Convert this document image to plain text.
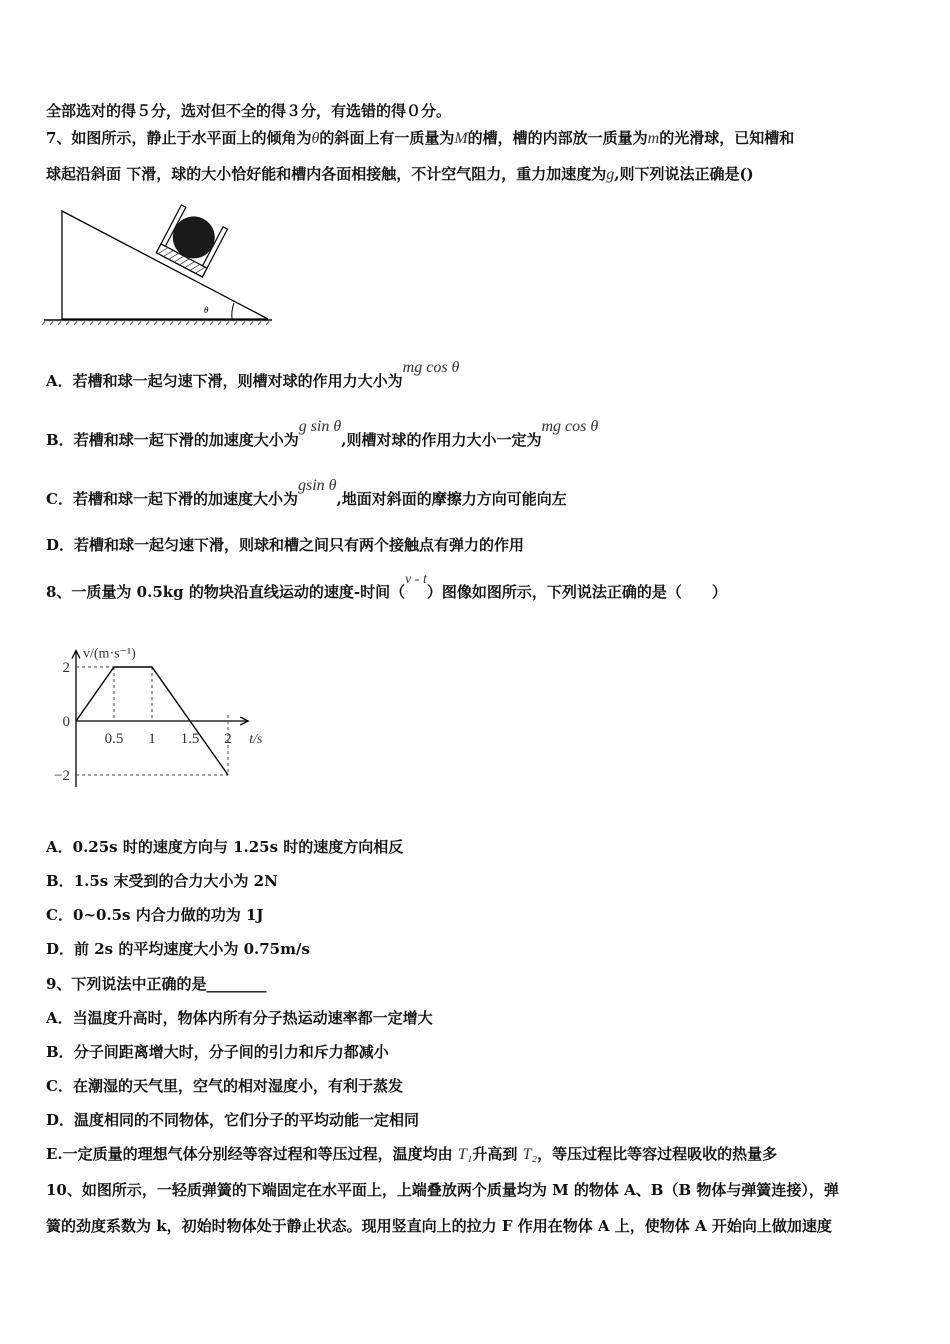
全部选对的得５分，选对但不全的得３分，有选错的得０分。
7、如图所示，静止于水平面上的倾角为θ的斜面上有一质量为M的槽，槽的内部放一质量为m的光滑球，已知槽和
球起沿斜面 下滑，球的大小恰好能和槽内各面相接触，不计空气阻力，重力加速度为g,则下列说法正确是()
θ
A．若槽和球一起匀速下滑，则槽对球的作用力大小为mg cos θ
B．若槽和球一起下滑的加速度大小为g sin θ,则槽对球的作用力大小一定为mg cos θ
C．若槽和球一起下滑的加速度大小为gsin θ,地面对斜面的摩擦力方向可能向左
D．若槽和球一起匀速下滑，则球和槽之间只有两个接触点有弹力的作用
8、一质量为 0.5kg 的物块沿直线运动的速度-时间（v - t）图像如图所示，下列说法正确的是（　　）
0.5 1 1.5 2
2
0
−2
v/(m·s⁻¹)
t/s
A．0.25s 时的速度方向与 1.25s 时的速度方向相反
B．1.5s 末受到的合力大小为 2N
C．0~0.5s 内合力做的功为 1J
D．前 2s 的平均速度大小为 0.75m/s
9、下列说法中正确的是________
A．当温度升高时，物体内所有分子热运动速率都一定增大
B．分子间距离增大时，分子间的引力和斥力都减小
C．在潮湿的天气里，空气的相对湿度小，有利于蒸发
D．温度相同的不同物体，它们分子的平均动能一定相同
E.一定质量的理想气体分别经等容过程和等压过程，温度均由 T₁升高到 T₂，等压过程比等容过程吸收的热量多
10、如图所示，一轻质弹簧的下端固定在水平面上，上端叠放两个质量均为 M 的物体 A、B（B 物体与弹簧连接），弹
簧的劲度系数为 k，初始时物体处于静止状态。现用竖直向上的拉力 F 作用在物体 A 上，使物体 A 开始向上做加速度
